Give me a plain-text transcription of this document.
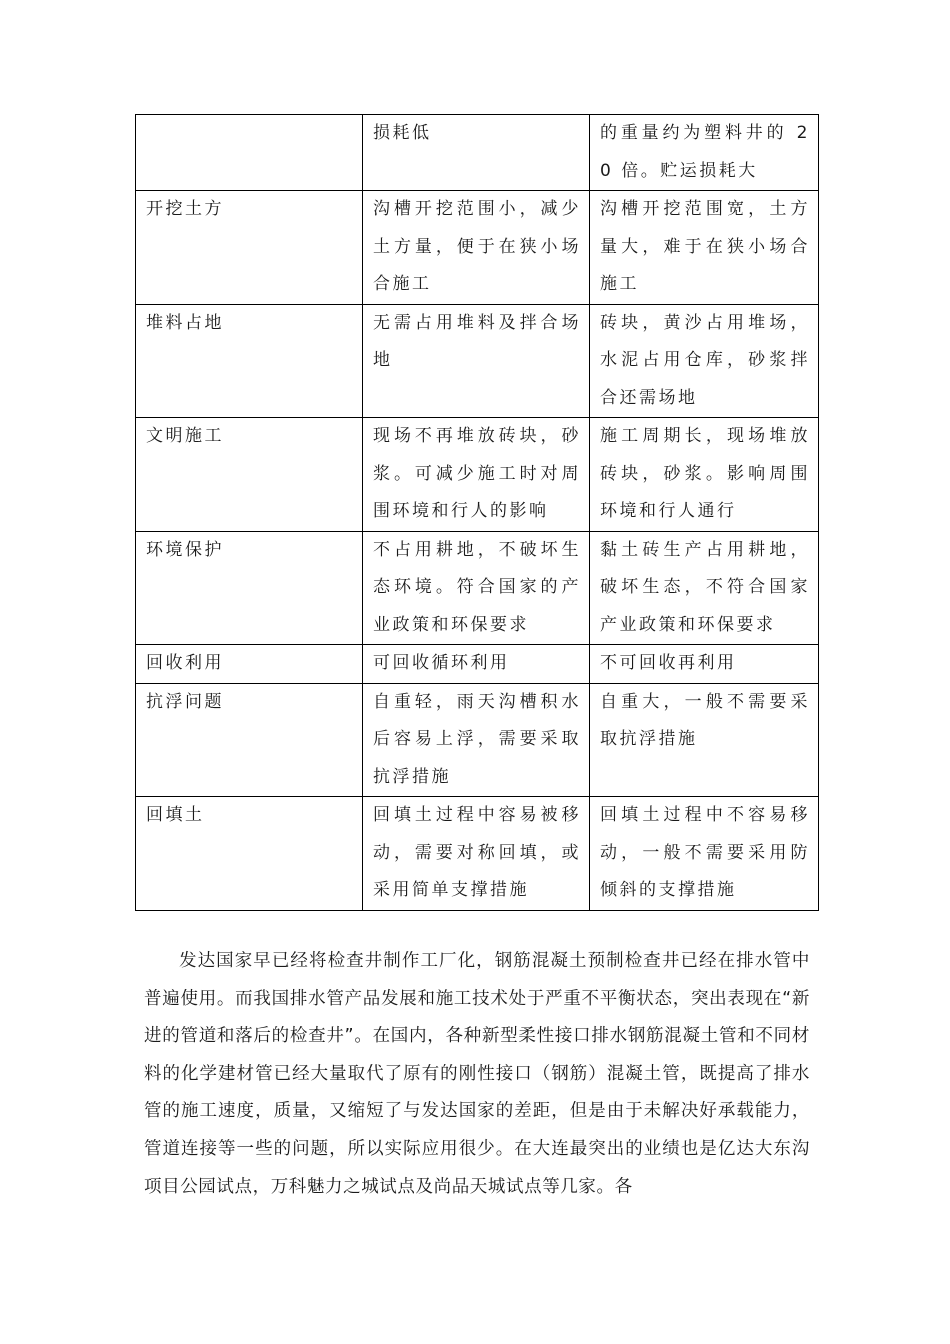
	损耗低	的重量约为塑料井的 20 倍。贮运损耗大
开挖土方	沟槽开挖范围小，减少土方量，便于在狭小场合施工	沟槽开挖范围宽，土方量大，难于在狭小场合施工
堆料占地	无需占用堆料及拌合场地	砖块，黄沙占用堆场，水泥占用仓库，砂浆拌合还需场地
文明施工	现场不再堆放砖块，砂浆。可减少施工时对周围环境和行人的影响	施工周期长，现场堆放砖块，砂浆。影响周围环境和行人通行
环境保护	不占用耕地，不破坏生态环境。符合国家的产业政策和环保要求	黏土砖生产占用耕地，破坏生态，不符合国家产业政策和环保要求
回收利用	可回收循环利用	不可回收再利用
抗浮问题	自重轻，雨天沟槽积水后容易上浮，需要采取抗浮措施	自重大，一般不需要采取抗浮措施
回填土	回填土过程中容易被移动，需要对称回填，或采用简单支撑措施	回填土过程中不容易移动，一般不需要采用防倾斜的支撑措施

发达国家早已经将检查井制作工厂化，钢筋混凝土预制检查井已经在排水管中普遍使用。而我国排水管产品发展和施工技术处于严重不平衡状态，突出表现在“新进的管道和落后的检查井”。在国内，各种新型柔性接口排水钢筋混凝土管和不同材料的化学建材管已经大量取代了原有的刚性接口（钢筋）混凝土管，既提高了排水管的施工速度，质量，又缩短了与发达国家的差距，但是由于未解决好承载能力，管道连接等一些的问题，所以实际应用很少。在大连最突出的业绩也是亿达大东沟项目公园试点，万科魅力之城试点及尚品天城试点等几家。各
